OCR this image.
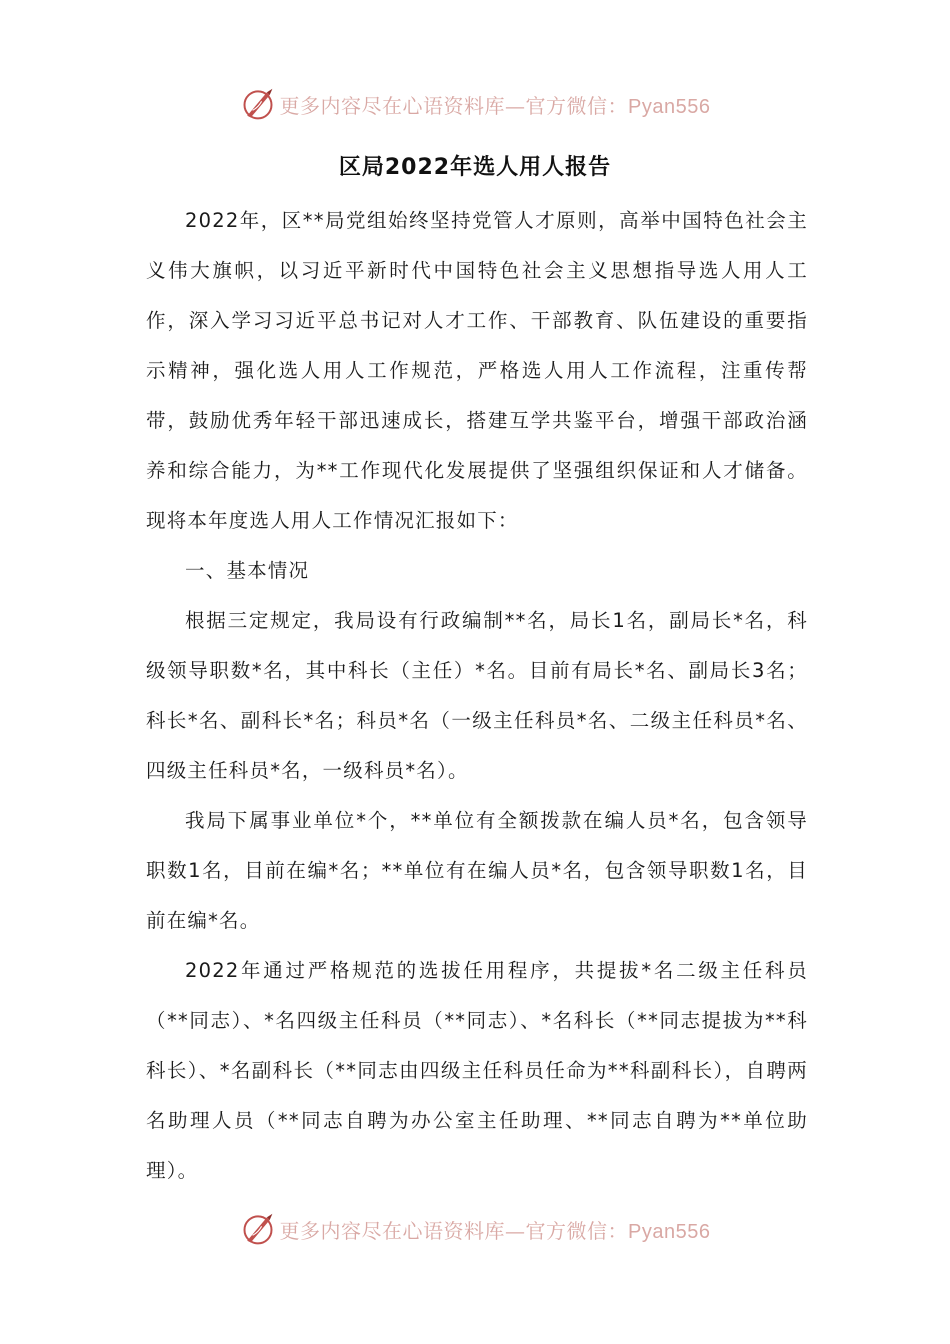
更多内容尽在心语资料库—官方微信：Pyan556
区局2022年选人用人报告

2022年，区**局党组始终坚持党管人才原则，高举中国特色社会主义伟大旗帜，以习近平新时代中国特色社会主义思想指导选人用人工作，深入学习习近平总书记对人才工作、干部教育、队伍建设的重要指示精神，强化选人用人工作规范，严格选人用人工作流程，注重传帮带，鼓励优秀年轻干部迅速成长，搭建互学共鉴平台，增强干部政治涵养和综合能力，为**工作现代化发展提供了坚强组织保证和人才储备。现将本年度选人用人工作情况汇报如下：

一、基本情况

根据三定规定，我局设有行政编制**名，局长1名，副局长*名，科级领导职数*名，其中科长（主任）*名。目前有局长*名、副局长3名；科长*名、副科长*名；科员*名（一级主任科员*名、二级主任科员*名、四级主任科员*名，一级科员*名）。

我局下属事业单位*个，**单位有全额拨款在编人员*名，包含领导职数1名，目前在编*名；**单位有在编人员*名，包含领导职数1名，目前在编*名。

2022年通过严格规范的选拔任用程序，共提拔*名二级主任科员（**同志）、*名四级主任科员（**同志）、*名科长（**同志提拔为**科科长）、*名副科长（**同志由四级主任科员任命为**科副科长），自聘两名助理人员（**同志自聘为办公室主任助理、**同志自聘为**单位助理）。

更多内容尽在心语资料库—官方微信：Pyan556
